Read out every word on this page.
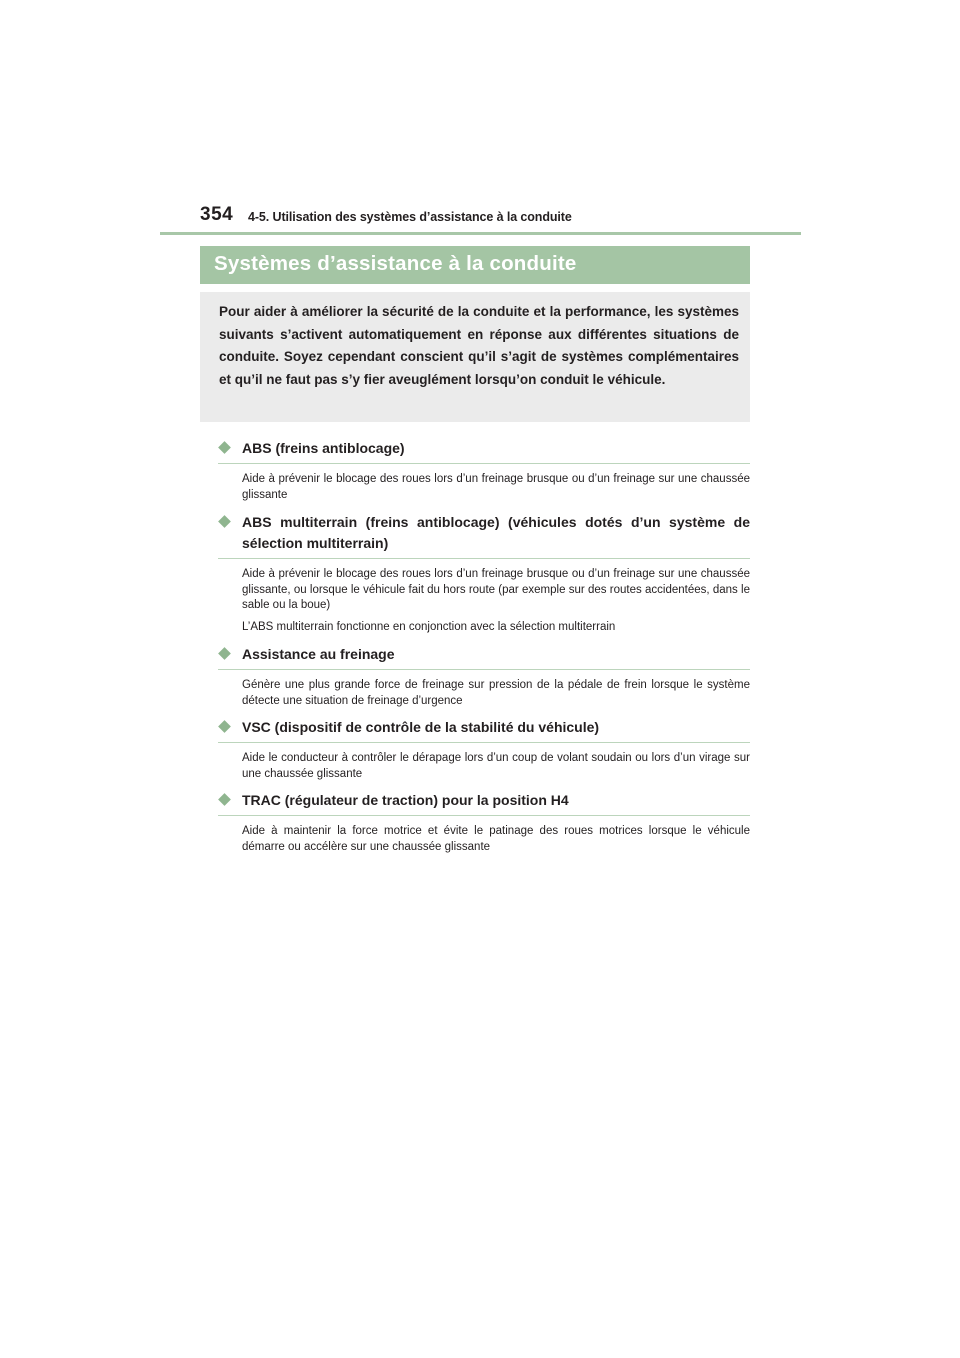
354 4-5. Utilisation des systèmes d’assistance à la conduite
Systèmes d’assistance à la conduite

Pour aider à améliorer la sécurité de la conduite et la performance, les systèmes suivants s’activent automatiquement en réponse aux différentes situations de conduite. Soyez cependant conscient qu’il s’agit de systèmes complémentaires et qu’il ne faut pas s’y fier aveuglément lorsqu’on conduit le véhicule.

ABS (freins antiblocage)

Aide à prévenir le blocage des roues lors d’un freinage brusque ou d’un freinage sur une chaussée glissante

ABS multiterrain (freins antiblocage) (véhicules dotés d’un système de sélection multiterrain)

Aide à prévenir le blocage des roues lors d’un freinage brusque ou d’un freinage sur une chaussée glissante, ou lorsque le véhicule fait du hors route (par exemple sur des routes accidentées, dans le sable ou la boue)

L’ABS multiterrain fonctionne en conjonction avec la sélection multiterrain

Assistance au freinage

Génère une plus grande force de freinage sur pression de la pédale de frein lorsque le système détecte une situation de freinage d’urgence

VSC (dispositif de contrôle de la stabilité du véhicule)

Aide le conducteur à contrôler le dérapage lors d’un coup de volant soudain ou lors d’un virage sur une chaussée glissante

TRAC (régulateur de traction) pour la position H4

Aide à maintenir la force motrice et évite le patinage des roues motrices lorsque le véhicule démarre ou accélère sur une chaussée glissante
